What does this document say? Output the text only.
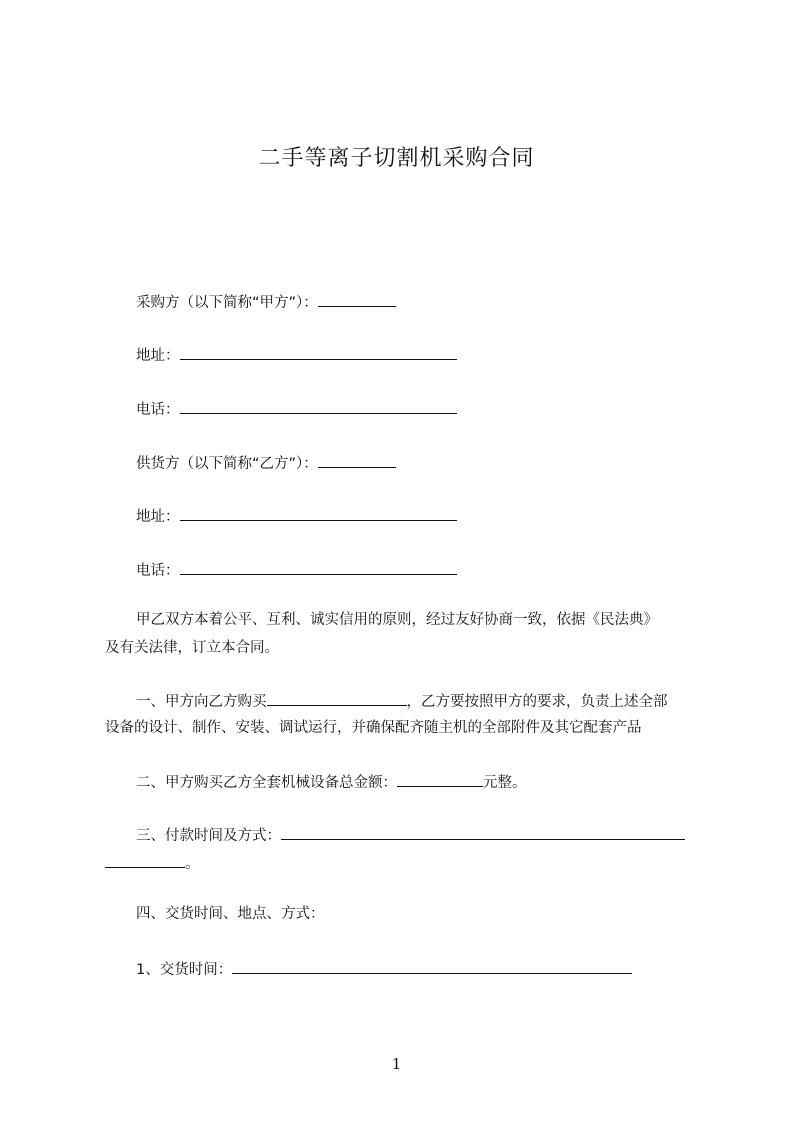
二手等离子切割机采购合同
采购方（以下简称“甲方”）：
地址：
电话：
供货方（以下简称“乙方”）：
地址：
电话：
甲乙双方本着公平、互利、诚实信用的原则，经过友好协商一致，依据《民法典》
及有关法律，订立本合同。
一、甲方向乙方购买	，乙方要按照甲方的要求，负责上述全部
设备的设计、制作、安装、调试运行，并确保配齐随主机的全部附件及其它配套产品
二、甲方购买乙方全套机械设备总金额：	元整。
三、付款时间及方式：
。
四、交货时间、地点、方式：
1、交货时间：
1
